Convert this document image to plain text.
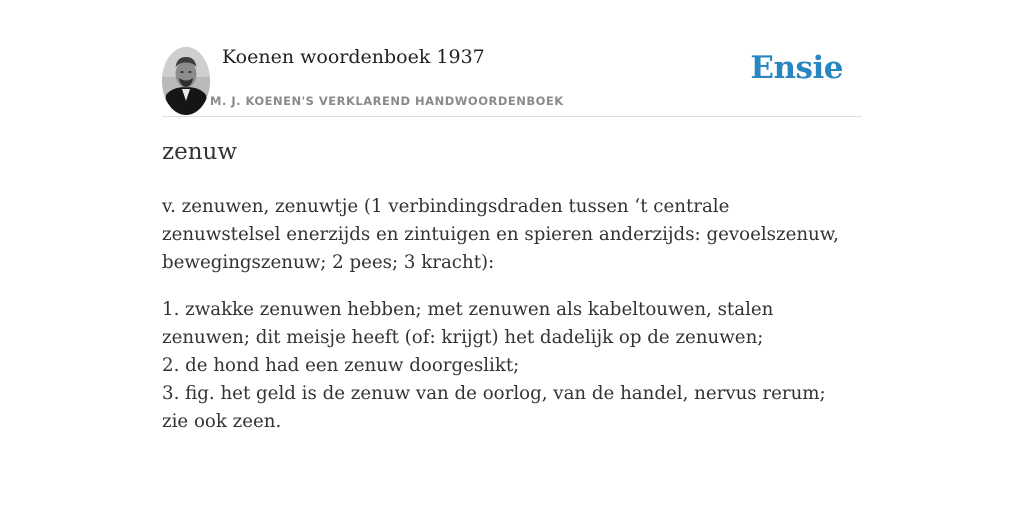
Koenen woordenboek 1937
M. J. KOENEN'S VERKLAREND HANDWOORDENBOEK
Ensie
zenuw

v. zenuwen, zenuwtje (1 verbindingsdraden tussen ‘t centrale zenuwstelsel enerzijds en zintuigen en spieren anderzijds: gevoelszenuw, bewegingszenuw; 2 pees; 3 kracht):

1. zwakke zenuwen hebben; met zenuwen als kabeltouwen, stalen zenuwen; dit meisje heeft (of: krijgt) het dadelijk op de zenuwen;
2. de hond had een zenuw doorgeslikt;
3. fig. het geld is de zenuw van de oorlog, van de handel, nervus rerum; zie ook zeen.
